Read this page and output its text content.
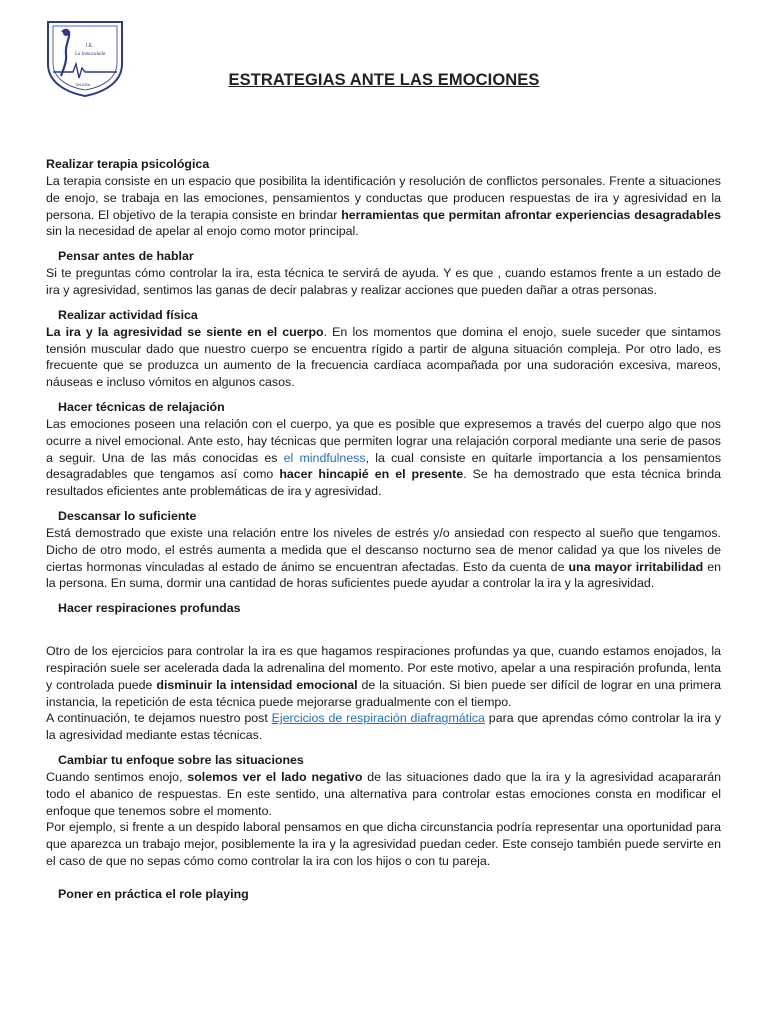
I.E.
La Inmaculada
TALARA	ESTRATEGIAS ANTE LAS EMOCIONES

Realizar terapia psicológica

La terapia consiste en un espacio que posibilita la identificación y resolución de conflictos personales. Frente a situaciones de enojo, se trabaja en las emociones, pensamientos y conductas que producen respuestas de ira y agresividad en la persona. El objetivo de la terapia consiste en brindar herramientas que permitan afrontar experiencias desagradables sin la necesidad de apelar al enojo como motor principal.

Pensar antes de hablar

Si te preguntas cómo controlar la ira, esta técnica te servirá de ayuda. Y es que , cuando estamos frente a un estado de ira y agresividad, sentimos las ganas de decir palabras y realizar acciones que pueden dañar a otras personas.

Realizar actividad física

La ira y la agresividad se siente en el cuerpo. En los momentos que domina el enojo, suele suceder que sintamos tensión muscular dado que nuestro cuerpo se encuentra rígido a partir de alguna situación compleja. Por otro lado, es frecuente que se produzca un aumento de la frecuencia cardíaca acompañada por una sudoración excesiva, mareos, náuseas e incluso vómitos en algunos casos.

Hacer técnicas de relajación

Las emociones poseen una relación con el cuerpo, ya que es posible que expresemos a través del cuerpo algo que nos ocurre a nivel emocional. Ante esto, hay técnicas que permiten lograr una relajación corporal mediante una serie de pasos a seguir. Una de las más conocidas es el mindfulness, la cual consiste en quitarle importancia a los pensamientos desagradables que tengamos así como hacer hincapié en el presente. Se ha demostrado que esta técnica brinda resultados eficientes ante problemáticas de ira y agresividad.

Descansar lo suficiente

Está demostrado que existe una relación entre los niveles de estrés y/o ansiedad con respecto al sueño que tengamos. Dicho de otro modo, el estrés aumenta a medida que el descanso nocturno sea de menor calidad ya que los niveles de ciertas hormonas vinculadas al estado de ánimo se encuentran afectadas. Esto da cuenta de una mayor irritabilidad en la persona. En suma, dormir una cantidad de horas suficientes puede ayudar a controlar la ira y la agresividad.

Hacer respiraciones profundas

Otro de los ejercicios para controlar la ira es que hagamos respiraciones profundas ya que, cuando estamos enojados, la respiración suele ser acelerada dada la adrenalina del momento. Por este motivo, apelar a una respiración profunda, lenta y controlada puede disminuir la intensidad emocional de la situación. Si bien puede ser difícil de lograr en una primera instancia, la repetición de esta técnica puede mejorarse gradualmente con el tiempo.

A continuación, te dejamos nuestro post Ejercicios de respiración diafragmática para que aprendas cómo controlar la ira y la agresividad mediante estas técnicas.

Cambiar tu enfoque sobre las situaciones

Cuando sentimos enojo, solemos ver el lado negativo de las situaciones dado que la ira y la agresividad acapararán todo el abanico de respuestas. En este sentido, una alternativa para controlar estas emociones consta en modificar el enfoque que tenemos sobre el momento.

Por ejemplo, si frente a un despido laboral pensamos en que dicha circunstancia podría representar una oportunidad para que aparezca un trabajo mejor, posiblemente la ira y la agresividad puedan ceder. Este consejo también puede servirte en el caso de que no sepas cómo como controlar la ira con los hijos o con tu pareja.

Poner en práctica el role playing
